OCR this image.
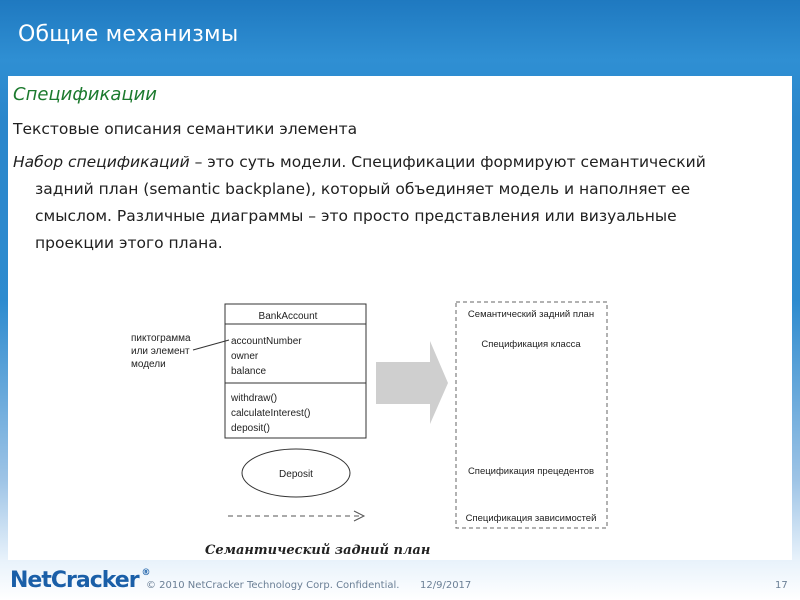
Общие механизмы
Спецификации
Текстовые описания семантики элемента
Набор спецификаций – это суть модели. Спецификации формируют семантический задний план (semantic backplane), который объединяет модель и наполняет ее смыслом. Различные диаграммы – это просто представления или визуальные проекции этого плана.
BankAccount
accountNumber
owner
balance
withdraw()
calculateInterest()
deposit()
пиктограмма
или элемент
модели
Deposit
Семантический задний план
Спецификация класса
Спецификация прецедентов
Спецификация зависимостей
Семантический задний план
NetCracker ®
© 2010 NetCracker Technology Corp. Confidential. 12/9/2017	17
